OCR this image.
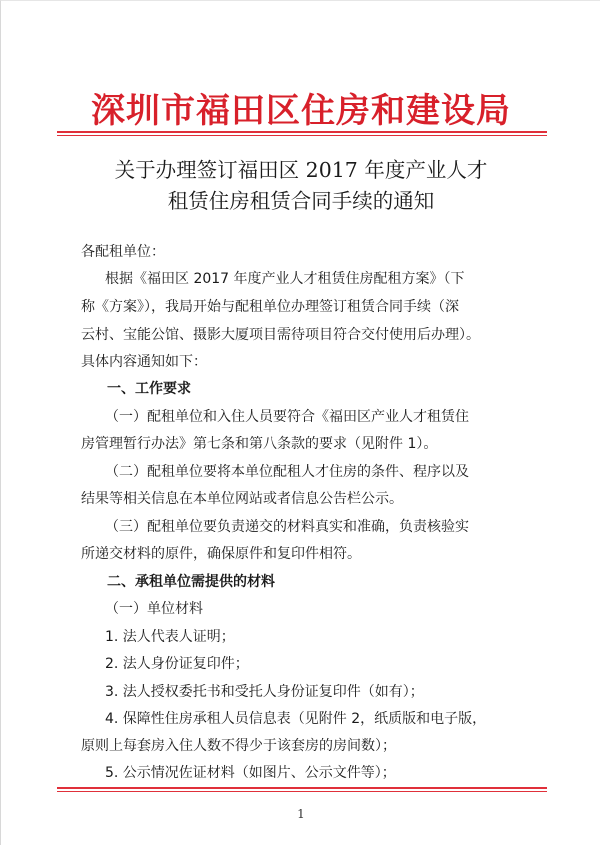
深圳市福田区住房和建设局
关于办理签订福田区 2017 年度产业人才
租赁住房租赁合同手续的通知
各配租单位：
根据《福田区 2017 年度产业人才租赁住房配租方案》（下
称《方案》），我局开始与配租单位办理签订租赁合同手续（深
云村、宝能公馆、摄影大厦项目需待项目符合交付使用后办理）。
具体内容通知如下：
一、工作要求
（一）配租单位和入住人员要符合《福田区产业人才租赁住
房管理暂行办法》第七条和第八条款的要求（见附件 1）。
（二）配租单位要将本单位配租人才住房的条件、程序以及
结果等相关信息在本单位网站或者信息公告栏公示。
（三）配租单位要负责递交的材料真实和准确，负责核验实
所递交材料的原件，确保原件和复印件相符。
二、承租单位需提供的材料
（一）单位材料
1. 法人代表人证明；
2. 法人身份证复印件；
3. 法人授权委托书和受托人身份证复印件（如有）；
4. 保障性住房承租人员信息表（见附件 2，纸质版和电子版，
原则上每套房入住人数不得少于该套房的房间数）；
5. 公示情况佐证材料（如图片、公示文件等）；
1
